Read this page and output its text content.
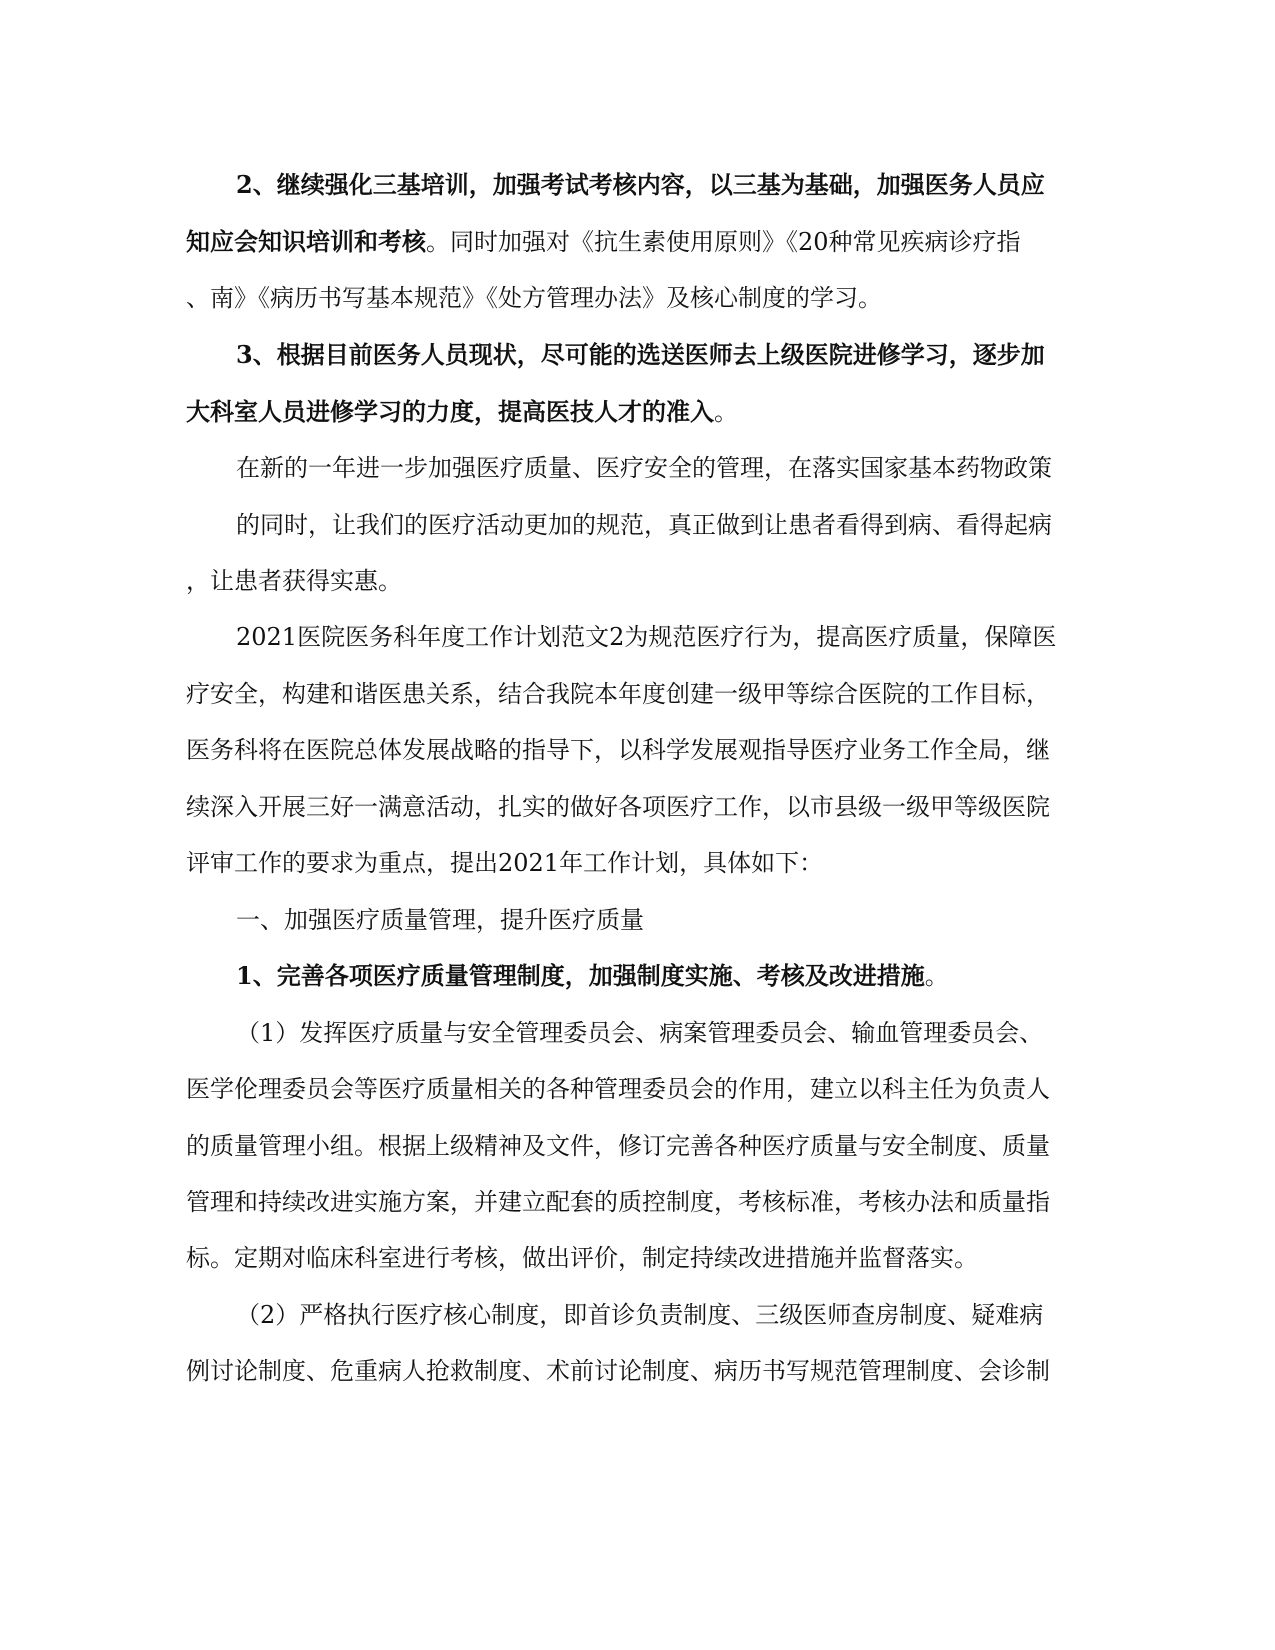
2、继续强化三基培训，加强考试考核内容，以三基为基础，加强医务人员应
知应会知识培训和考核。同时加强对《抗生素使用原则》《20种常见疾病诊疗指
、南》《病历书写基本规范》《处方管理办法》及核心制度的学习。
3、根据目前医务人员现状，尽可能的选送医师去上级医院进修学习，逐步加
大科室人员进修学习的力度，提高医技人才的准入。
在新的一年进一步加强医疗质量、医疗安全的管理，在落实国家基本药物政策
的同时，让我们的医疗活动更加的规范，真正做到让患者看得到病、看得起病
，让患者获得实惠。
2021医院医务科年度工作计划范文2为规范医疗行为，提高医疗质量，保障医
疗安全，构建和谐医患关系，结合我院本年度创建一级甲等综合医院的工作目标，
医务科将在医院总体发展战略的指导下，以科学发展观指导医疗业务工作全局，继
续深入开展三好一满意活动，扎实的做好各项医疗工作，以市县级一级甲等级医院
评审工作的要求为重点，提出2021年工作计划，具体如下：
一、加强医疗质量管理，提升医疗质量
1、完善各项医疗质量管理制度，加强制度实施、考核及改进措施。
（1）发挥医疗质量与安全管理委员会、病案管理委员会、输血管理委员会、
医学伦理委员会等医疗质量相关的各种管理委员会的作用，建立以科主任为负责人
的质量管理小组。根据上级精神及文件，修订完善各种医疗质量与安全制度、质量
管理和持续改进实施方案，并建立配套的质控制度，考核标准，考核办法和质量指
标。定期对临床科室进行考核，做出评价，制定持续改进措施并监督落实。
（2）严格执行医疗核心制度，即首诊负责制度、三级医师查房制度、疑难病
例讨论制度、危重病人抢救制度、术前讨论制度、病历书写规范管理制度、会诊制
